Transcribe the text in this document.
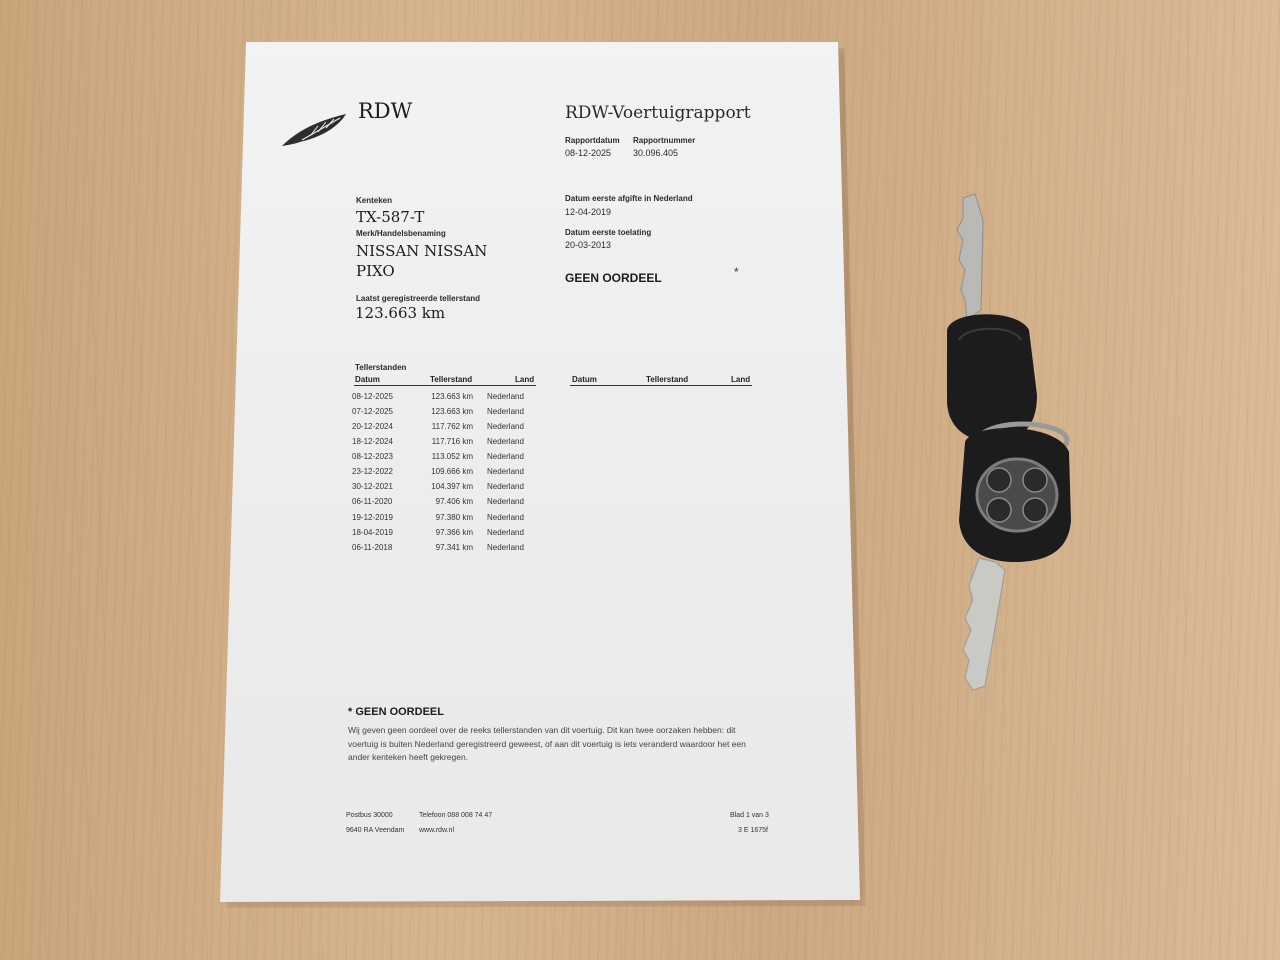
RDW	RDW-Voertuigrapport
Rapportdatum Rapportnummer
08-12-2025 30.096.405
Kenteken
TX-587-T
Merk/Handelsbenaming
NISSAN NISSAN
PIXO
Laatst geregistreerde tellerstand
123.663 km
Datum eerste afgifte in Nederland
12-04-2019
Datum eerste toelating
20-03-2013
GEEN OORDEEL	*
Tellerstanden
Datum	Tellerstand	Land	Datum	Tellerstand	Land
08-12-2025	123.663 km Nederland
07-12-2025	123.663 km Nederland
20-12-2024	117.762 km Nederland
18-12-2024	117.716 km Nederland
08-12-2023	113.052 km Nederland
23-12-2022	109.666 km Nederland
30-12-2021	104.397 km Nederland
06-11-2020	97.406 km Nederland
19-12-2019	97.380 km Nederland
18-04-2019	97.366 km Nederland
06-11-2018	97.341 km Nederland
* GEEN OORDEEL
Wij geven geen oordeel over de reeks tellerstanden van dit voertuig. Dit kan twee oorzaken hebben: dit
voertuig is buiten Nederland geregistreerd geweest, of aan dit voertuig is iets veranderd waardoor het een
ander kenteken heeft gekregen.
Postbus 30000
9640 RA Veendam
Telefoon 088 008 74 47
www.rdw.nl
Blad 1 van 3
3 E 1675f
